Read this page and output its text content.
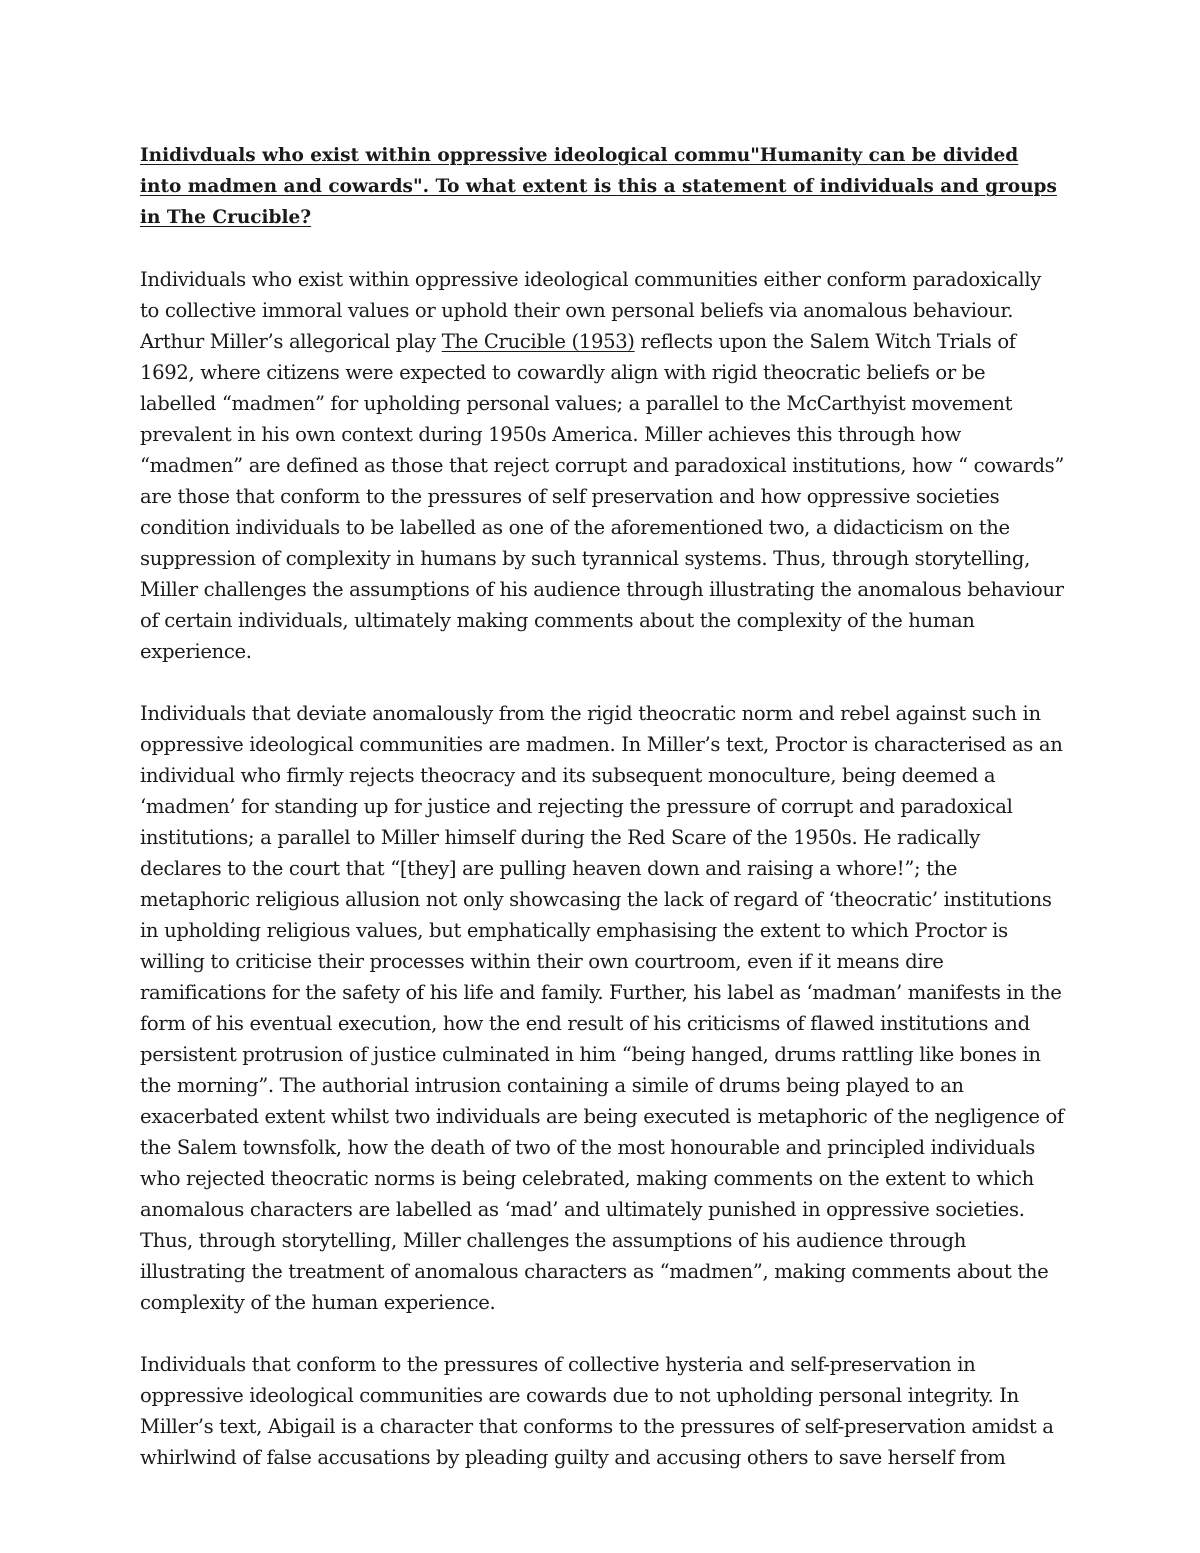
Inidivduals who exist within oppressive ideological commu"Humanity can be divided into madmen and cowards". To what extent is this a statement of individuals and groups in The Crucible?

Individuals who exist within oppressive ideological communities either conform paradoxically to collective immoral values or uphold their own personal beliefs via anomalous behaviour. Arthur Miller’s allegorical play The Crucible (1953) reflects upon the Salem Witch Trials of 1692, where citizens were expected to cowardly align with rigid theocratic beliefs or be labelled “madmen” for upholding personal values; a parallel to the McCarthyist movement prevalent in his own context during 1950s America. Miller achieves this through how “madmen” are defined as those that reject corrupt and paradoxical institutions, how “ cowards” are those that conform to the pressures of self preservation and how oppressive societies condition individuals to be labelled as one of the aforementioned two, a didacticism on the suppression of complexity in humans by such tyrannical systems. Thus, through storytelling, Miller challenges the assumptions of his audience through illustrating the anomalous behaviour of certain individuals, ultimately making comments about the complexity of the human experience.

Individuals that deviate anomalously from the rigid theocratic norm and rebel against such in oppressive ideological communities are madmen. In Miller’s text, Proctor is characterised as an individual who firmly rejects theocracy and its subsequent monoculture, being deemed a ‘madmen’ for standing up for justice and rejecting the pressure of corrupt and paradoxical institutions; a parallel to Miller himself during the Red Scare of the 1950s. He radically declares to the court that “[they] are pulling heaven down and raising a whore!”; the metaphoric religious allusion not only showcasing the lack of regard of ‘theocratic’ institutions in upholding religious values, but emphatically emphasising the extent to which Proctor is willing to criticise their processes within their own courtroom, even if it means dire ramifications for the safety of his life and family. Further, his label as ‘madman’ manifests in the form of his eventual execution, how the end result of his criticisms of flawed institutions and persistent protrusion of justice culminated in him “being hanged, drums rattling like bones in the morning”. The authorial intrusion containing a simile of drums being played to an exacerbated extent whilst two individuals are being executed is metaphoric of the negligence of the Salem townsfolk, how the death of two of the most honourable and principled individuals who rejected theocratic norms is being celebrated, making comments on the extent to which anomalous characters are labelled as ‘mad’ and ultimately punished in oppressive societies. Thus, through storytelling, Miller challenges the assumptions of his audience through illustrating the treatment of anomalous characters as “madmen”, making comments about the complexity of the human experience.

Individuals that conform to the pressures of collective hysteria and self-preservation in oppressive ideological communities are cowards due to not upholding personal integrity. In Miller’s text, Abigail is a character that conforms to the pressures of self-preservation amidst a whirlwind of false accusations by pleading guilty and accusing others to save herself from
